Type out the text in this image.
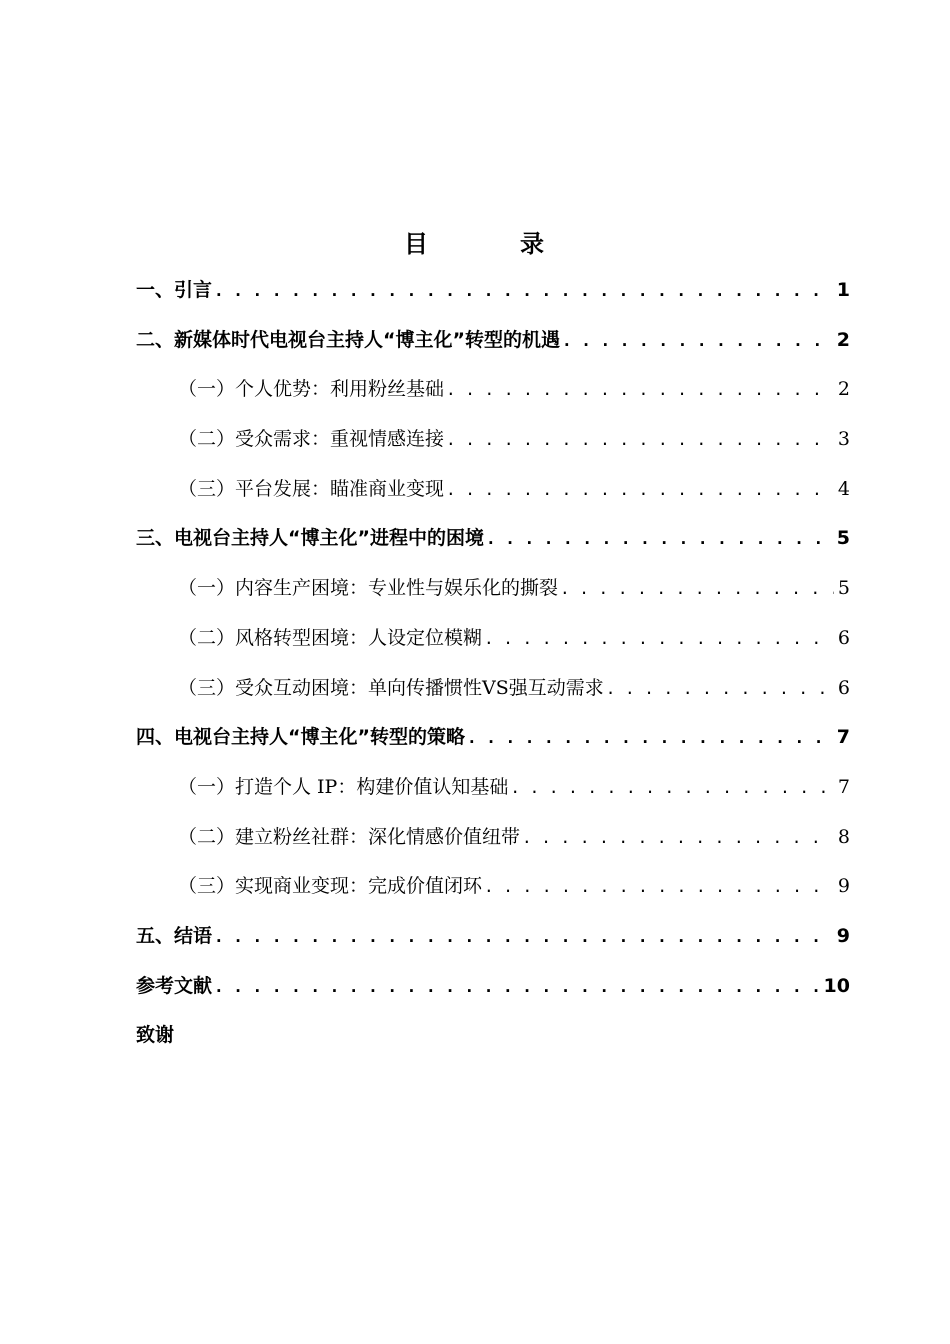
目	录
一、引言 . . .	1
二、新媒体时代电视台主持人“博主化”转型的机遇 . . .	2
（一）个人优势：利用粉丝基础 . . .	2
（二）受众需求：重视情感连接 . . .	3
（三）平台发展：瞄准商业变现 . . .	4
三、电视台主持人“博主化”进程中的困境 . . .	5
（一）内容生产困境：专业性与娱乐化的撕裂 . . .	5
（二）风格转型困境：人设定位模糊 . . .	6
（三）受众互动困境：单向传播惯性VS强互动需求 . . .	6
四、电视台主持人“博主化”转型的策略 . . .	7
（一）打造个人 IP：构建价值认知基础 . . .	7
（二）建立粉丝社群：深化情感价值纽带 . . .	8
（三）实现商业变现：完成价值闭环 . . .	9
五、结语 . . .	9
参考文献 . . .	10
致谢
